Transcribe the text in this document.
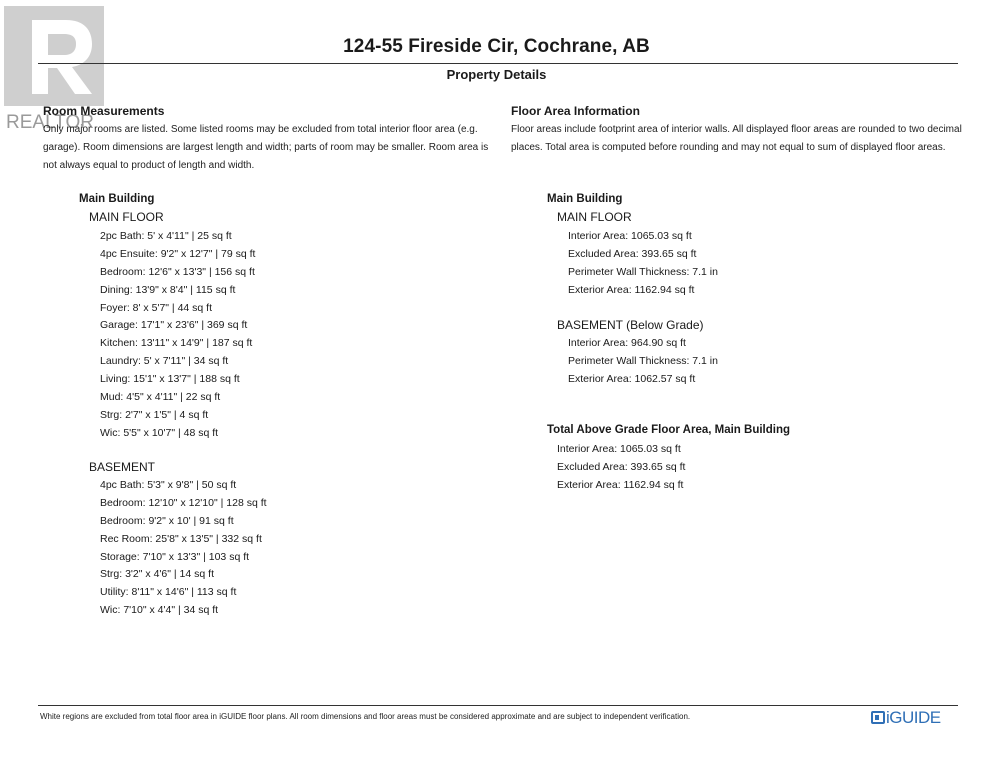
REALTOR
124-55 Fireside Cir, Cochrane, AB
Property Details
Room Measurements
Only major rooms are listed. Some listed rooms may be excluded from total interior floor area (e.g. garage). Room dimensions are largest length and width; parts of room may be smaller. Room area is not always equal to product of length and width.
Main Building
MAIN FLOOR
2pc Bath: 5' x 4'11" | 25 sq ft
4pc Ensuite: 9'2" x 12'7" | 79 sq ft
Bedroom: 12'6" x 13'3" | 156 sq ft
Dining: 13'9" x 8'4" | 115 sq ft
Foyer: 8' x 5'7" | 44 sq ft
Garage: 17'1" x 23'6" | 369 sq ft
Kitchen: 13'11" x 14'9" | 187 sq ft
Laundry: 5' x 7'11" | 34 sq ft
Living: 15'1" x 13'7" | 188 sq ft
Mud: 4'5" x 4'11" | 22 sq ft
Strg: 2'7" x 1'5" | 4 sq ft
Wic: 5'5" x 10'7" | 48 sq ft
BASEMENT
4pc Bath: 5'3" x 9'8" | 50 sq ft
Bedroom: 12'10" x 12'10" | 128 sq ft
Bedroom: 9'2" x 10' | 91 sq ft
Rec Room: 25'8" x 13'5" | 332 sq ft
Storage: 7'10" x 13'3" | 103 sq ft
Strg: 3'2" x 4'6" | 14 sq ft
Utility: 8'11" x 14'6" | 113 sq ft
Wic: 7'10" x 4'4" | 34 sq ft
Floor Area Information
Floor areas include footprint area of interior walls. All displayed floor areas are rounded to two decimal places. Total area is computed before rounding and may not equal to sum of displayed floor areas.
Main Building
MAIN FLOOR
Interior Area: 1065.03 sq ft
Excluded Area: 393.65 sq ft
Perimeter Wall Thickness: 7.1 in
Exterior Area: 1162.94 sq ft
BASEMENT (Below Grade)
Interior Area: 964.90 sq ft
Perimeter Wall Thickness: 7.1 in
Exterior Area: 1062.57 sq ft
Total Above Grade Floor Area, Main Building
Interior Area: 1065.03 sq ft
Excluded Area: 393.65 sq ft
Exterior Area: 1162.94 sq ft
White regions are excluded from total floor area in iGUIDE floor plans. All room dimensions and floor areas must be considered approximate and are subject to independent verification.	iGUIDE
